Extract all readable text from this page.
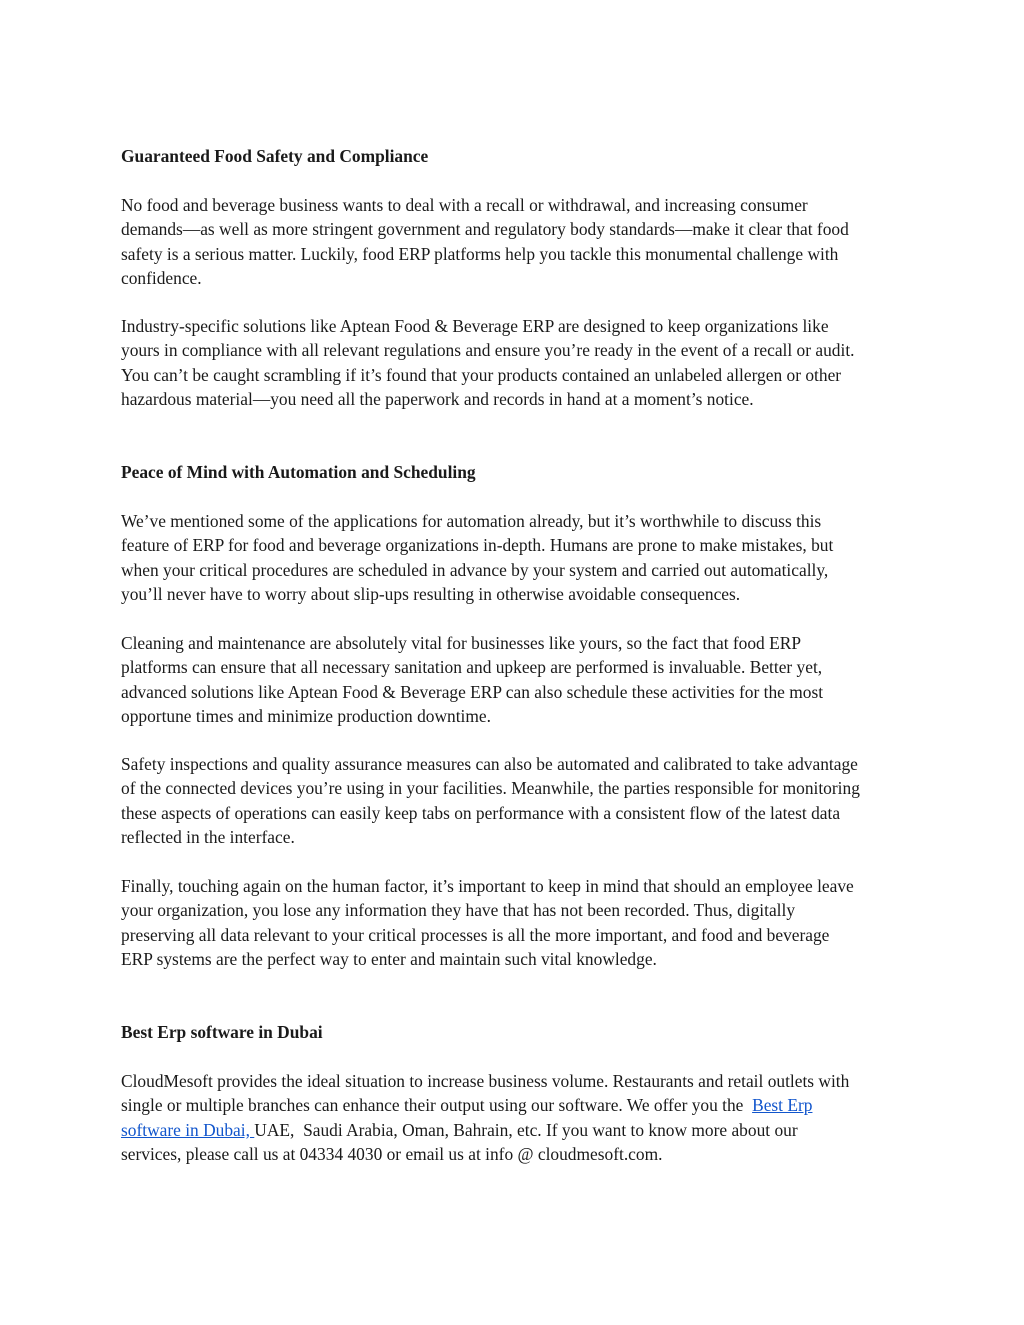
Guaranteed Food Safety and Compliance

No food and beverage business wants to deal with a recall or withdrawal, and increasing consumer
demands—as well as more stringent government and regulatory body standards—make it clear that food
safety is a serious matter. Luckily, food ERP platforms help you tackle this monumental challenge with
confidence.

Industry-specific solutions like Aptean Food & Beverage ERP are designed to keep organizations like
yours in compliance with all relevant regulations and ensure you’re ready in the event of a recall or audit.
You can’t be caught scrambling if it’s found that your products contained an unlabeled allergen or other
hazardous material—you need all the paperwork and records in hand at a moment’s notice.

Peace of Mind with Automation and Scheduling

We’ve mentioned some of the applications for automation already, but it’s worthwhile to discuss this
feature of ERP for food and beverage organizations in-depth. Humans are prone to make mistakes, but
when your critical procedures are scheduled in advance by your system and carried out automatically,
you’ll never have to worry about slip-ups resulting in otherwise avoidable consequences.

Cleaning and maintenance are absolutely vital for businesses like yours, so the fact that food ERP
platforms can ensure that all necessary sanitation and upkeep are performed is invaluable. Better yet,
advanced solutions like Aptean Food & Beverage ERP can also schedule these activities for the most
opportune times and minimize production downtime.

Safety inspections and quality assurance measures can also be automated and calibrated to take advantage
of the connected devices you’re using in your facilities. Meanwhile, the parties responsible for monitoring
these aspects of operations can easily keep tabs on performance with a consistent flow of the latest data
reflected in the interface.

Finally, touching again on the human factor, it’s important to keep in mind that should an employee leave
your organization, you lose any information they have that has not been recorded. Thus, digitally
preserving all data relevant to your critical processes is all the more important, and food and beverage
ERP systems are the perfect way to enter and maintain such vital knowledge.

Best Erp software in Dubai

CloudMesoft provides the ideal situation to increase business volume. Restaurants and retail outlets with
single or multiple branches can enhance their output using our software. We offer you the  Best Erp
software in Dubai, UAE,  Saudi Arabia, Oman, Bahrain, etc. If you want to know more about our
services, please call us at 04334 4030 or email us at info @ cloudmesoft.com.
